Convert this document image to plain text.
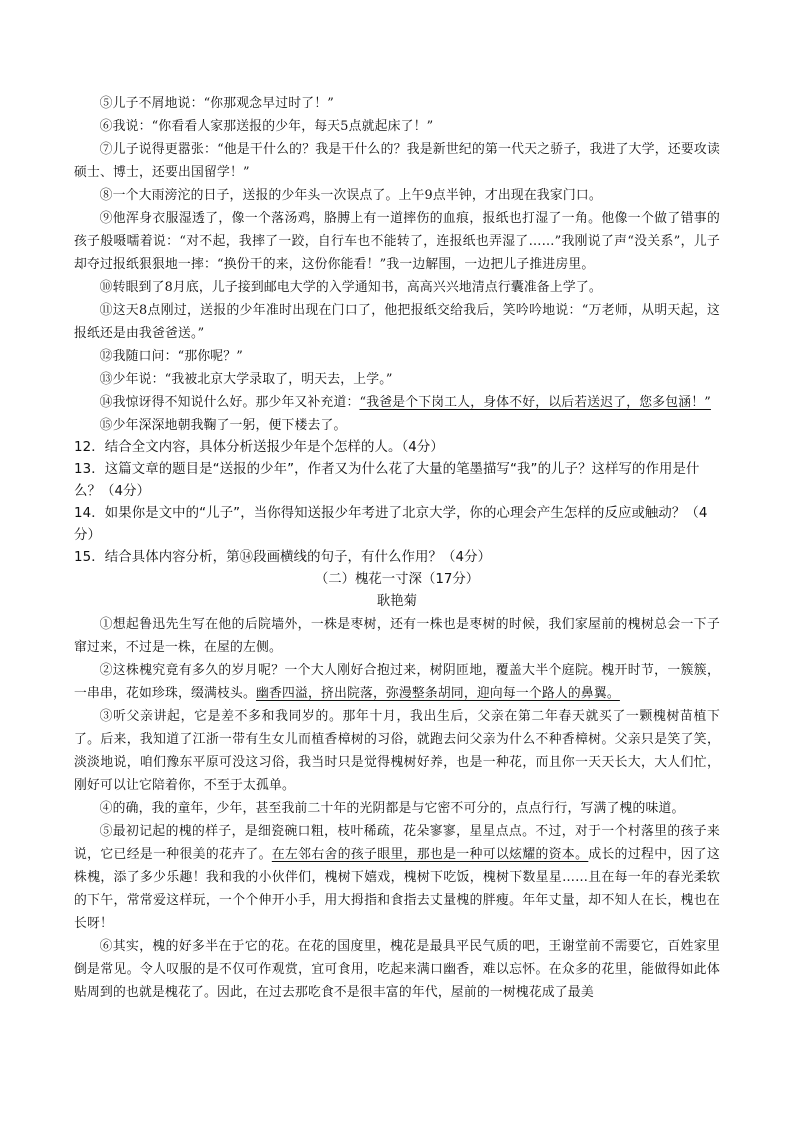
⑤儿子不屑地说：“你那观念早过时了！”

⑥我说：“你看看人家那送报的少年，每天5点就起床了！”

⑦儿子说得更嚣张：“他是干什么的？我是干什么的？我是新世纪的第一代天之骄子，我进了大学，还要攻读硕士、博士，还要出国留学！”

⑧一个大雨滂沱的日子，送报的少年头一次误点了。上午9点半钟，才出现在我家门口。

⑨他浑身衣服湿透了，像一个落汤鸡，胳膊上有一道摔伤的血痕，报纸也打湿了一角。他像一个做了错事的孩子般嗫嚅着说：“对不起，我摔了一跤，自行车也不能转了，连报纸也弄湿了……”我刚说了声“没关系”，儿子却夺过报纸狠狠地一摔：“换份干的来，这份你能看！”我一边解围，一边把儿子推进房里。

⑩转眼到了8月底，儿子接到邮电大学的入学通知书，高高兴兴地清点行囊准备上学了。

⑪这天8点刚过，送报的少年准时出现在门口了，他把报纸交给我后，笑吟吟地说：“万老师，从明天起，这报纸还是由我爸爸送。”

⑫我随口问：“那你呢？”

⑬少年说：“我被北京大学录取了，明天去，上学。”

⑭我惊讶得不知说什么好。那少年又补充道：“我爸是个下岗工人，身体不好，以后若送迟了，您多包涵！”

⑮少年深深地朝我鞠了一躬，便下楼去了。

12．结合全文内容，具体分析送报少年是个怎样的人。（4分）

13．这篇文章的题目是“送报的少年”，作者又为什么花了大量的笔墨描写“我”的儿子？这样写的作用是什么？（4分）

14．如果你是文中的“儿子”，当你得知送报少年考进了北京大学，你的心理会产生怎样的反应或触动？（4分）

15．结合具体内容分析，第⑭段画横线的句子，有什么作用？（4分）

（二）槐花一寸深（17分）

耿艳菊

①想起鲁迅先生写在他的后院墙外，一株是枣树，还有一株也是枣树的时候，我们家屋前的槐树总会一下子窜过来，不过是一株，在屋的左侧。

②这株槐究竟有多久的岁月呢？一个大人刚好合抱过来，树阴匝地，覆盖大半个庭院。槐开时节，一簇簇，一串串，花如珍珠，缀满枝头。幽香四溢，挤出院落，弥漫整条胡同，迎向每一个路人的鼻翼。

③听父亲讲起，它是差不多和我同岁的。那年十月，我出生后，父亲在第二年春天就买了一颗槐树苗植下了。后来，我知道了江浙一带有生女儿而植香樟树的习俗，就跑去问父亲为什么不种香樟树。父亲只是笑了笑，淡淡地说，咱们豫东平原可没这习俗，我当时只是觉得槐树好养，也是一种花，而且你一天天长大，大人们忙，刚好可以让它陪着你，不至于太孤单。

④的确，我的童年，少年，甚至我前二十年的光阴都是与它密不可分的，点点行行，写满了槐的味道。

⑤最初记起的槐的样子，是细瓷碗口粗，枝叶稀疏，花朵寥寥，星星点点。不过，对于一个村落里的孩子来说，它已经是一种很美的花卉了。在左邻右舍的孩子眼里，那也是一种可以炫耀的资本。成长的过程中，因了这株槐，添了多少乐趣！我和我的小伙伴们，槐树下嬉戏，槐树下吃饭，槐树下数星星……且在每一年的春光柔软的下午，常常爱这样玩，一个个伸开小手，用大拇指和食指去丈量槐的胖瘦。年年丈量，却不知人在长，槐也在长呀！

⑥其实，槐的好多半在于它的花。在花的国度里，槐花是最具平民气质的吧，王谢堂前不需要它，百姓家里倒是常见。令人叹服的是不仅可作观赏，宜可食用，吃起来满口幽香，难以忘怀。在众多的花里，能做得如此体贴周到的也就是槐花了。因此，在过去那吃食不是很丰富的年代，屋前的一树槐花成了最美
